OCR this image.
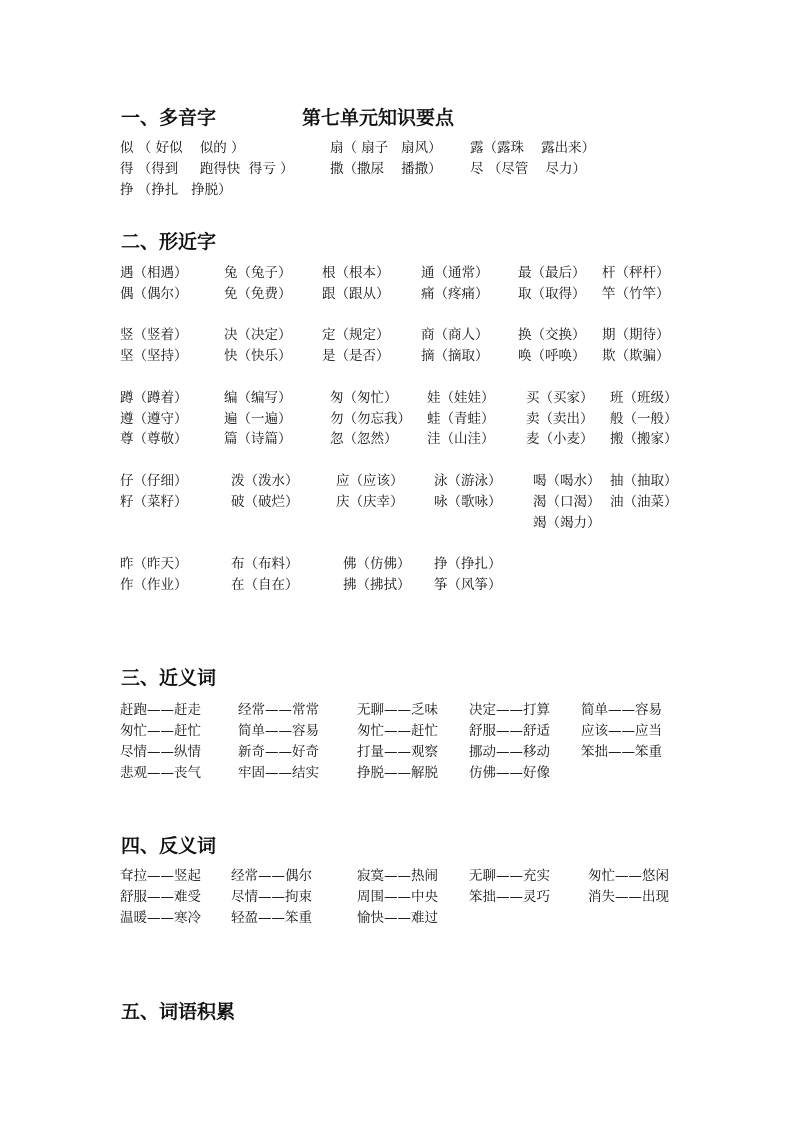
一、多音字	第七单元知识要点
似 （ 好似    似的 ）	扇（ 扇子   扇风） 露（露珠    露出来）
得 （得到     跑得快  得亏 ）	撒（撒尿    播撒） 尽 （尽管    尽力）
挣 （挣扎   挣脱）
二、形近字
遇（相遇）	兔（兔子） 根（根本） 通（通常） 最（最后） 杆（秤杆）
偶（偶尔）	免（免费） 跟（跟从） 痛（疼痛） 取（取得） 竿（竹竿）
竖（竖着）	决（决定） 定（规定） 商（商人） 换（交换） 期（期待）
坚（坚持）	快（快乐） 是（是否） 摘（摘取） 唤（呼唤） 欺（欺骗）
蹲（蹲着）	编（编写）	匆（匆忙） 娃（娃娃） 买（买家） 班（班级）
遵（遵守）	遍（一遍）	勿（勿忘我） 蛙（青蛙） 卖（卖出） 般（一般）
尊（尊敬）	篇（诗篇）	忽（忽然） 洼（山洼） 麦（小麦） 搬（搬家）
仔（仔细）	泼（泼水）	应（应该） 泳（游泳） 喝（喝水） 抽（抽取）
籽（菜籽）	破（破烂）	庆（庆幸） 咏（歌咏） 渴（口渴） 油（油菜）
竭（竭力）
昨（昨天）	布（布料）	佛（仿佛） 挣（挣扎）
作（作业）	在（自在）	拂（拂拭） 筝（风筝）
三、近义词
赶跑——赶走	经常——常常	无聊——乏味 决定——打算 简单——容易
匆忙——赶忙	简单——容易	匆忙——赶忙 舒服——舒适 应该——应当
尽情——纵情	新奇——好奇	打量——观察 挪动——移动 笨拙——笨重
悲观——丧气	牢固——结实	挣脱——解脱 仿佛——好像
四、反义词
耷拉——竖起 经常——偶尔	寂寞——热闹 无聊——充实	匆忙——悠闲
舒服——难受 尽情——拘束	周围——中央 笨拙——灵巧	消失——出现
温暖——寒冷 轻盈——笨重	愉快——难过
五、词语积累
